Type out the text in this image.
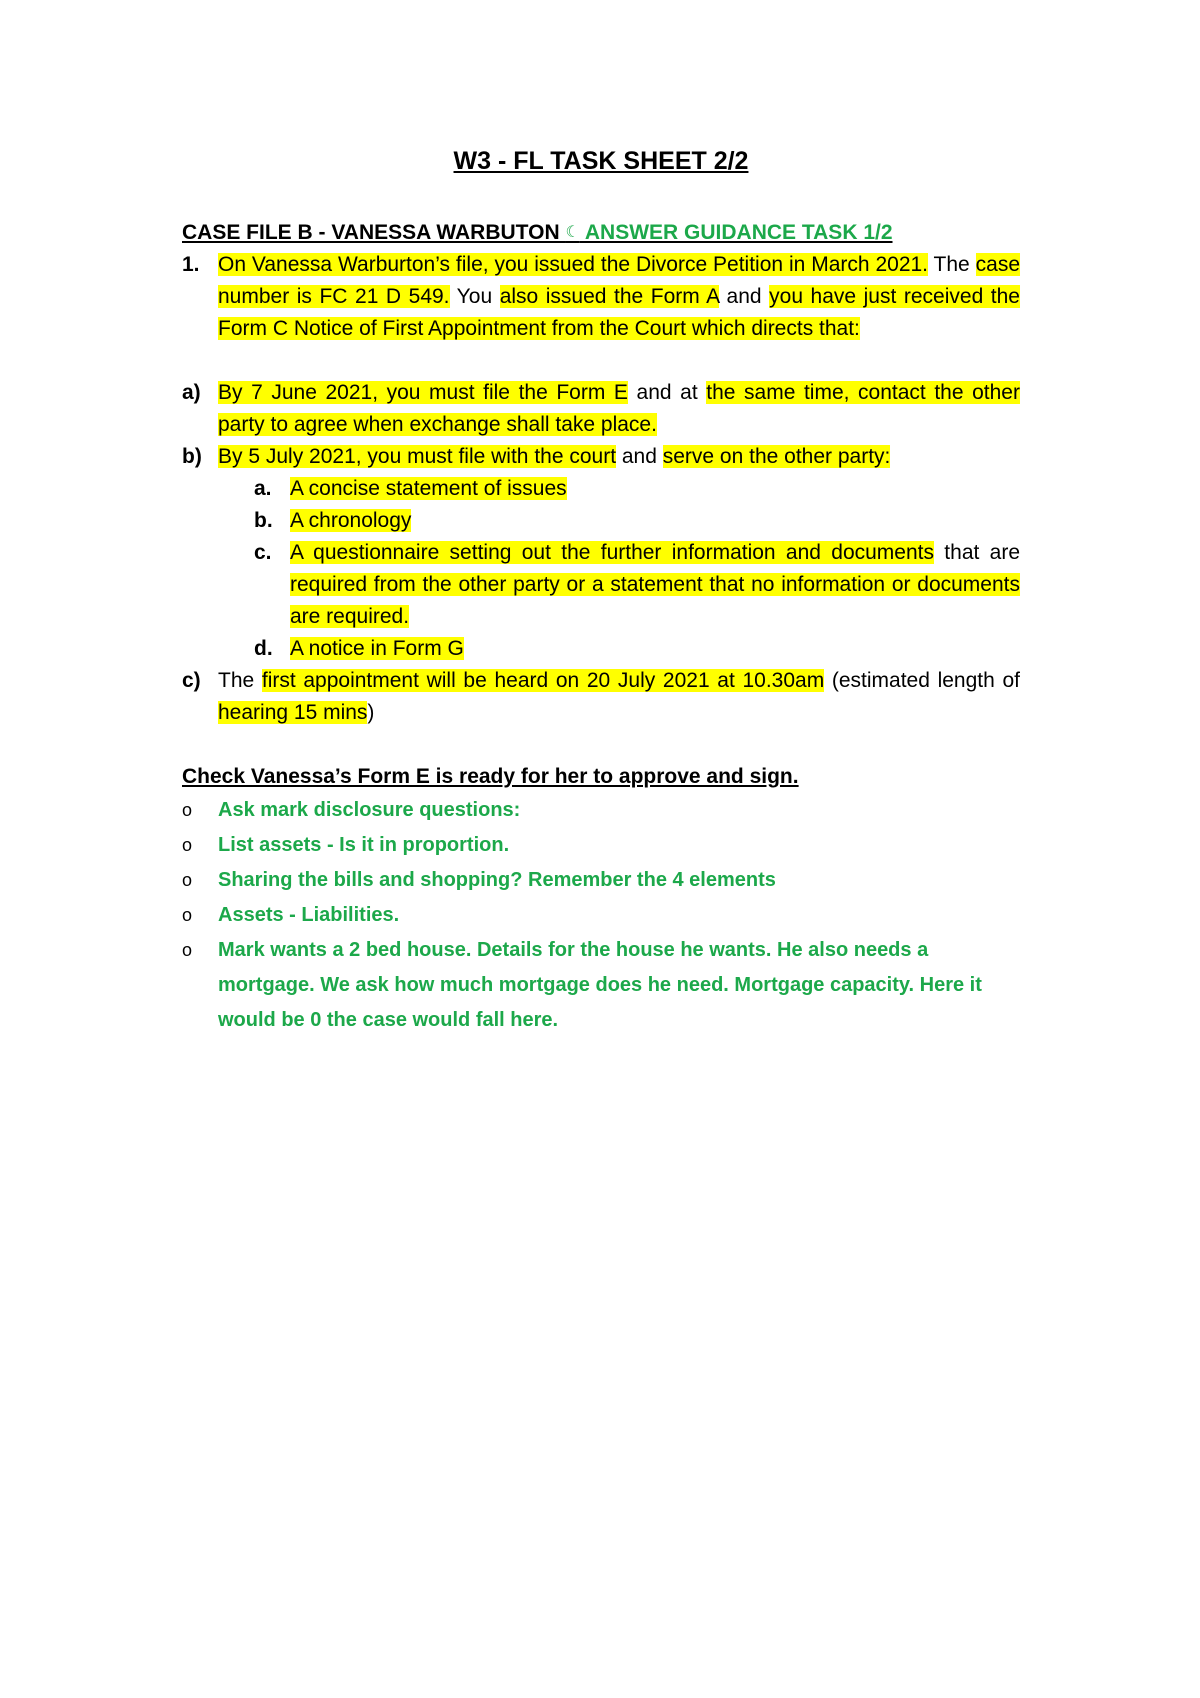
W3 - FL TASK SHEET 2/2
CASE FILE B - VANESSA WARBUTON ☾ ANSWER GUIDANCE TASK 1/2
1. On Vanessa Warburton’s file, you issued the Divorce Petition in March 2021. The case number is FC 21 D 549. You also issued the Form A and you have just received the Form C Notice of First Appointment from the Court which directs that:
a) By 7 June 2021, you must file the Form E and at the same time, contact the other party to agree when exchange shall take place.
b) By 5 July 2021, you must file with the court and serve on the other party:
a. A concise statement of issues
b. A chronology
c. A questionnaire setting out the further information and documents that are required from the other party or a statement that no information or documents are required.
d. A notice in Form G
c) The first appointment will be heard on 20 July 2021 at 10.30am (estimated length of hearing 15 mins)
Check Vanessa’s Form E is ready for her to approve and sign.
o	Ask mark disclosure questions:
o	List assets - Is it in proportion.
o	Sharing the bills and shopping? Remember the 4 elements
o	Assets - Liabilities.
o	Mark wants a 2 bed house. Details for the house he wants. He also needs a mortgage. We ask how much mortgage does he need. Mortgage capacity. Here it would be 0 the case would fall here.
